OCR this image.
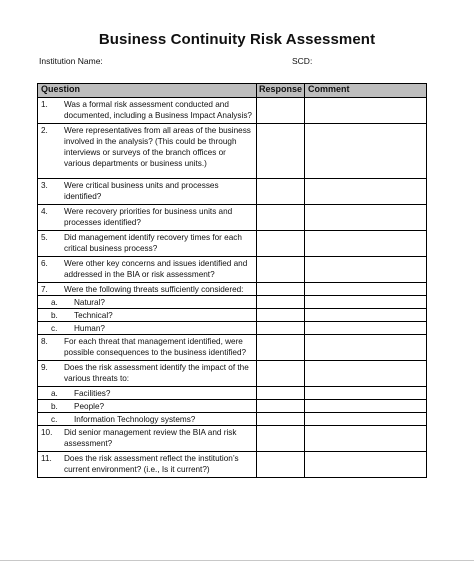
Business Continuity Risk Assessment
Institution Name:	SCD:
Question	Response	Comment

1. Was a formal risk assessment conducted and documented, including a Business Impact Analysis?		

2. Were representatives from all areas of the business involved in the analysis? (This could be through interviews or surveys of the branch offices or various departments or business units.)		

3. Were critical business units and processes identified?		

4. Were recovery priorities for business units and processes identified?		

5. Did management identify recovery times for each critical business process?		

6. Were other key concerns and issues identified and addressed in the BIA or risk assessment?		

7. Were the following threats sufficiently considered:		

a. Natural?		

b. Technical?		

c. Human?		

8. For each threat that management identified, were possible consequences to the business identified?		

9. Does the risk assessment identify the impact of the various threats to:		

a. Facilities?		

b. People?		

c. Information Technology systems?		

10. Did senior management review the BIA and risk assessment?		

11. Does the risk assessment reflect the institution’s current environment? (i.e., Is it current?)		
